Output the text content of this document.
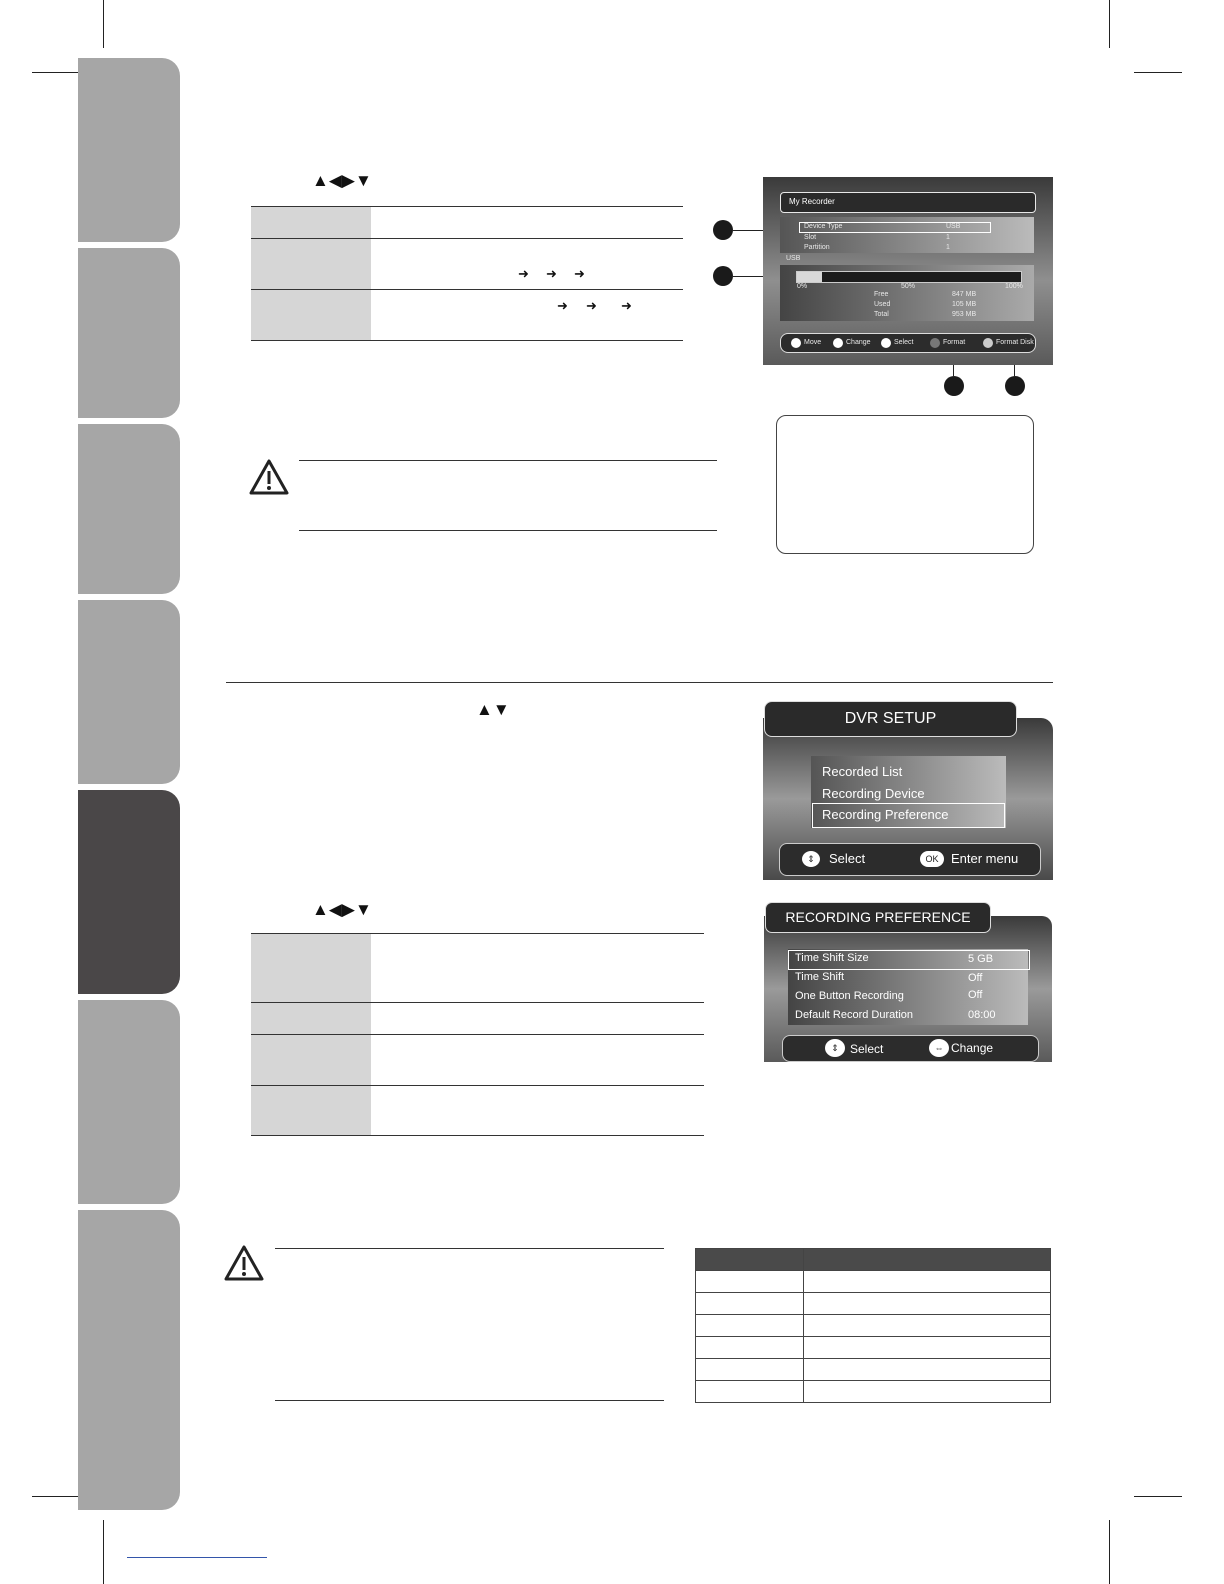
▲◀▶▼
➜ ➜ ➜
➜ ➜ ➜
My Recorder
Device Type	USB
Slot	1
Partition	1
USB
0%	50%	100%
Free	847 MB
Used	105 MB
Total	953 MB
Move	Change	Select	Format	Format Disk
▲▼	DVR SETUP
Recorded List
Recording Device
Recording Preference
⇕	Select	OK Enter menu
▲◀▶▼	RECORDING PREFERENCE
Time Shift Size	5 GB
Time Shift	Off
One Button Recording	Off
Default Record Duration	08:00
⇕ Select	⇔ Change
